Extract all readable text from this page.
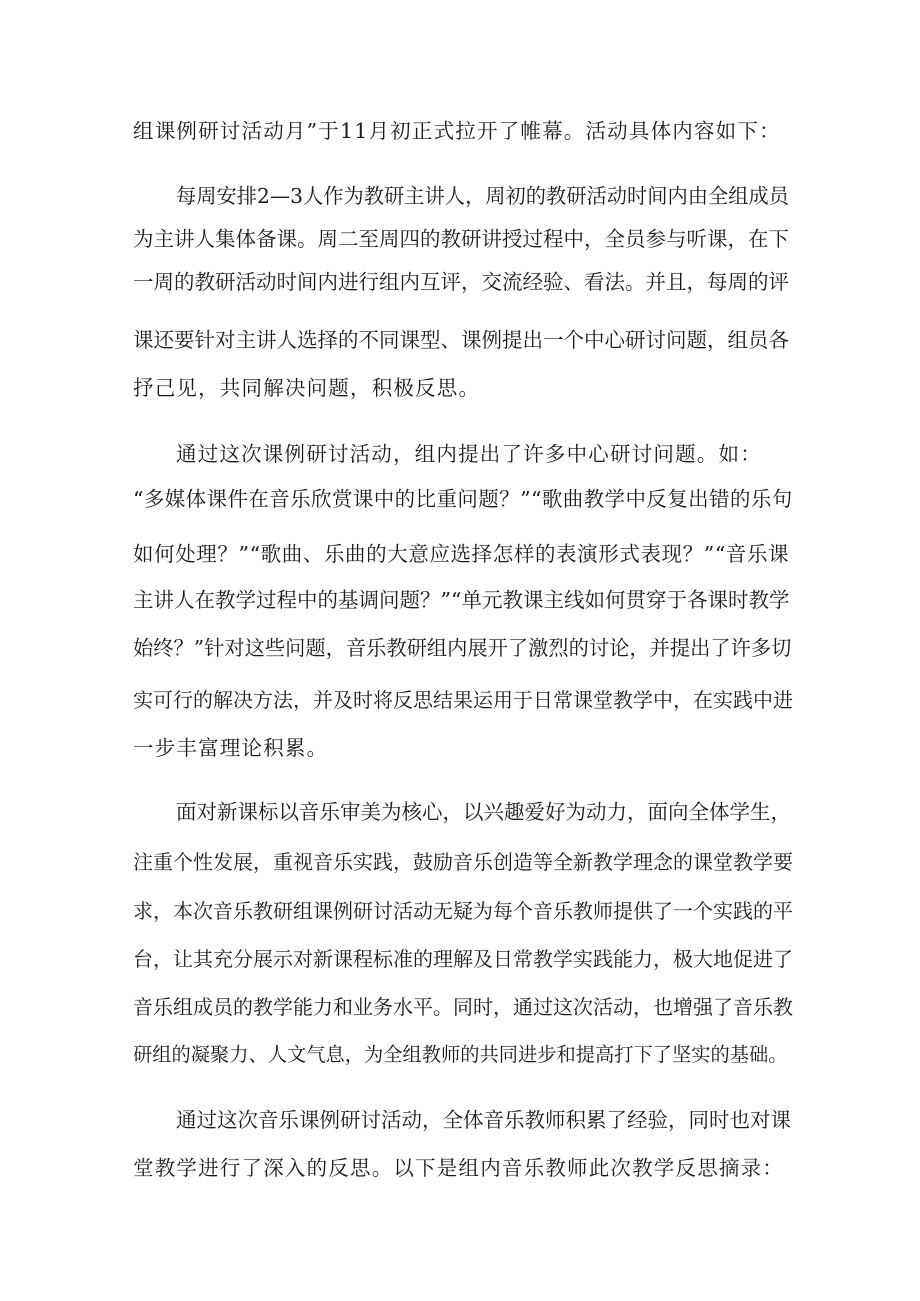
组课例研讨活动月”于11月初正式拉开了帷幕。活动具体内容如下：
每周安排2—3人作为教研主讲人，周初的教研活动时间内由全组成员
为主讲人集体备课。周二至周四的教研讲授过程中，全员参与听课，在下
一周的教研活动时间内进行组内互评，交流经验、看法。并且，每周的评
课还要针对主讲人选择的不同课型、课例提出一个中心研讨问题，组员各
抒己见，共同解决问题，积极反思。
通过这次课例研讨活动，组内提出了许多中心研讨问题。如：
“多媒体课件在音乐欣赏课中的比重问题？”“歌曲教学中反复出错的乐句
如何处理？”“歌曲、乐曲的大意应选择怎样的表演形式表现？”“音乐课
主讲人在教学过程中的基调问题？”“单元教课主线如何贯穿于各课时教学
始终？”针对这些问题，音乐教研组内展开了激烈的讨论，并提出了许多切
实可行的解决方法，并及时将反思结果运用于日常课堂教学中，在实践中进
一步丰富理论积累。
面对新课标以音乐审美为核心，以兴趣爱好为动力，面向全体学生，
注重个性发展，重视音乐实践，鼓励音乐创造等全新教学理念的课堂教学要
求，本次音乐教研组课例研讨活动无疑为每个音乐教师提供了一个实践的平
台，让其充分展示对新课程标准的理解及日常教学实践能力，极大地促进了
音乐组成员的教学能力和业务水平。同时，通过这次活动，也增强了音乐教
研组的凝聚力、人文气息，为全组教师的共同进步和提高打下了坚实的基础。
通过这次音乐课例研讨活动，全体音乐教师积累了经验，同时也对课
堂教学进行了深入的反思。以下是组内音乐教师此次教学反思摘录：
